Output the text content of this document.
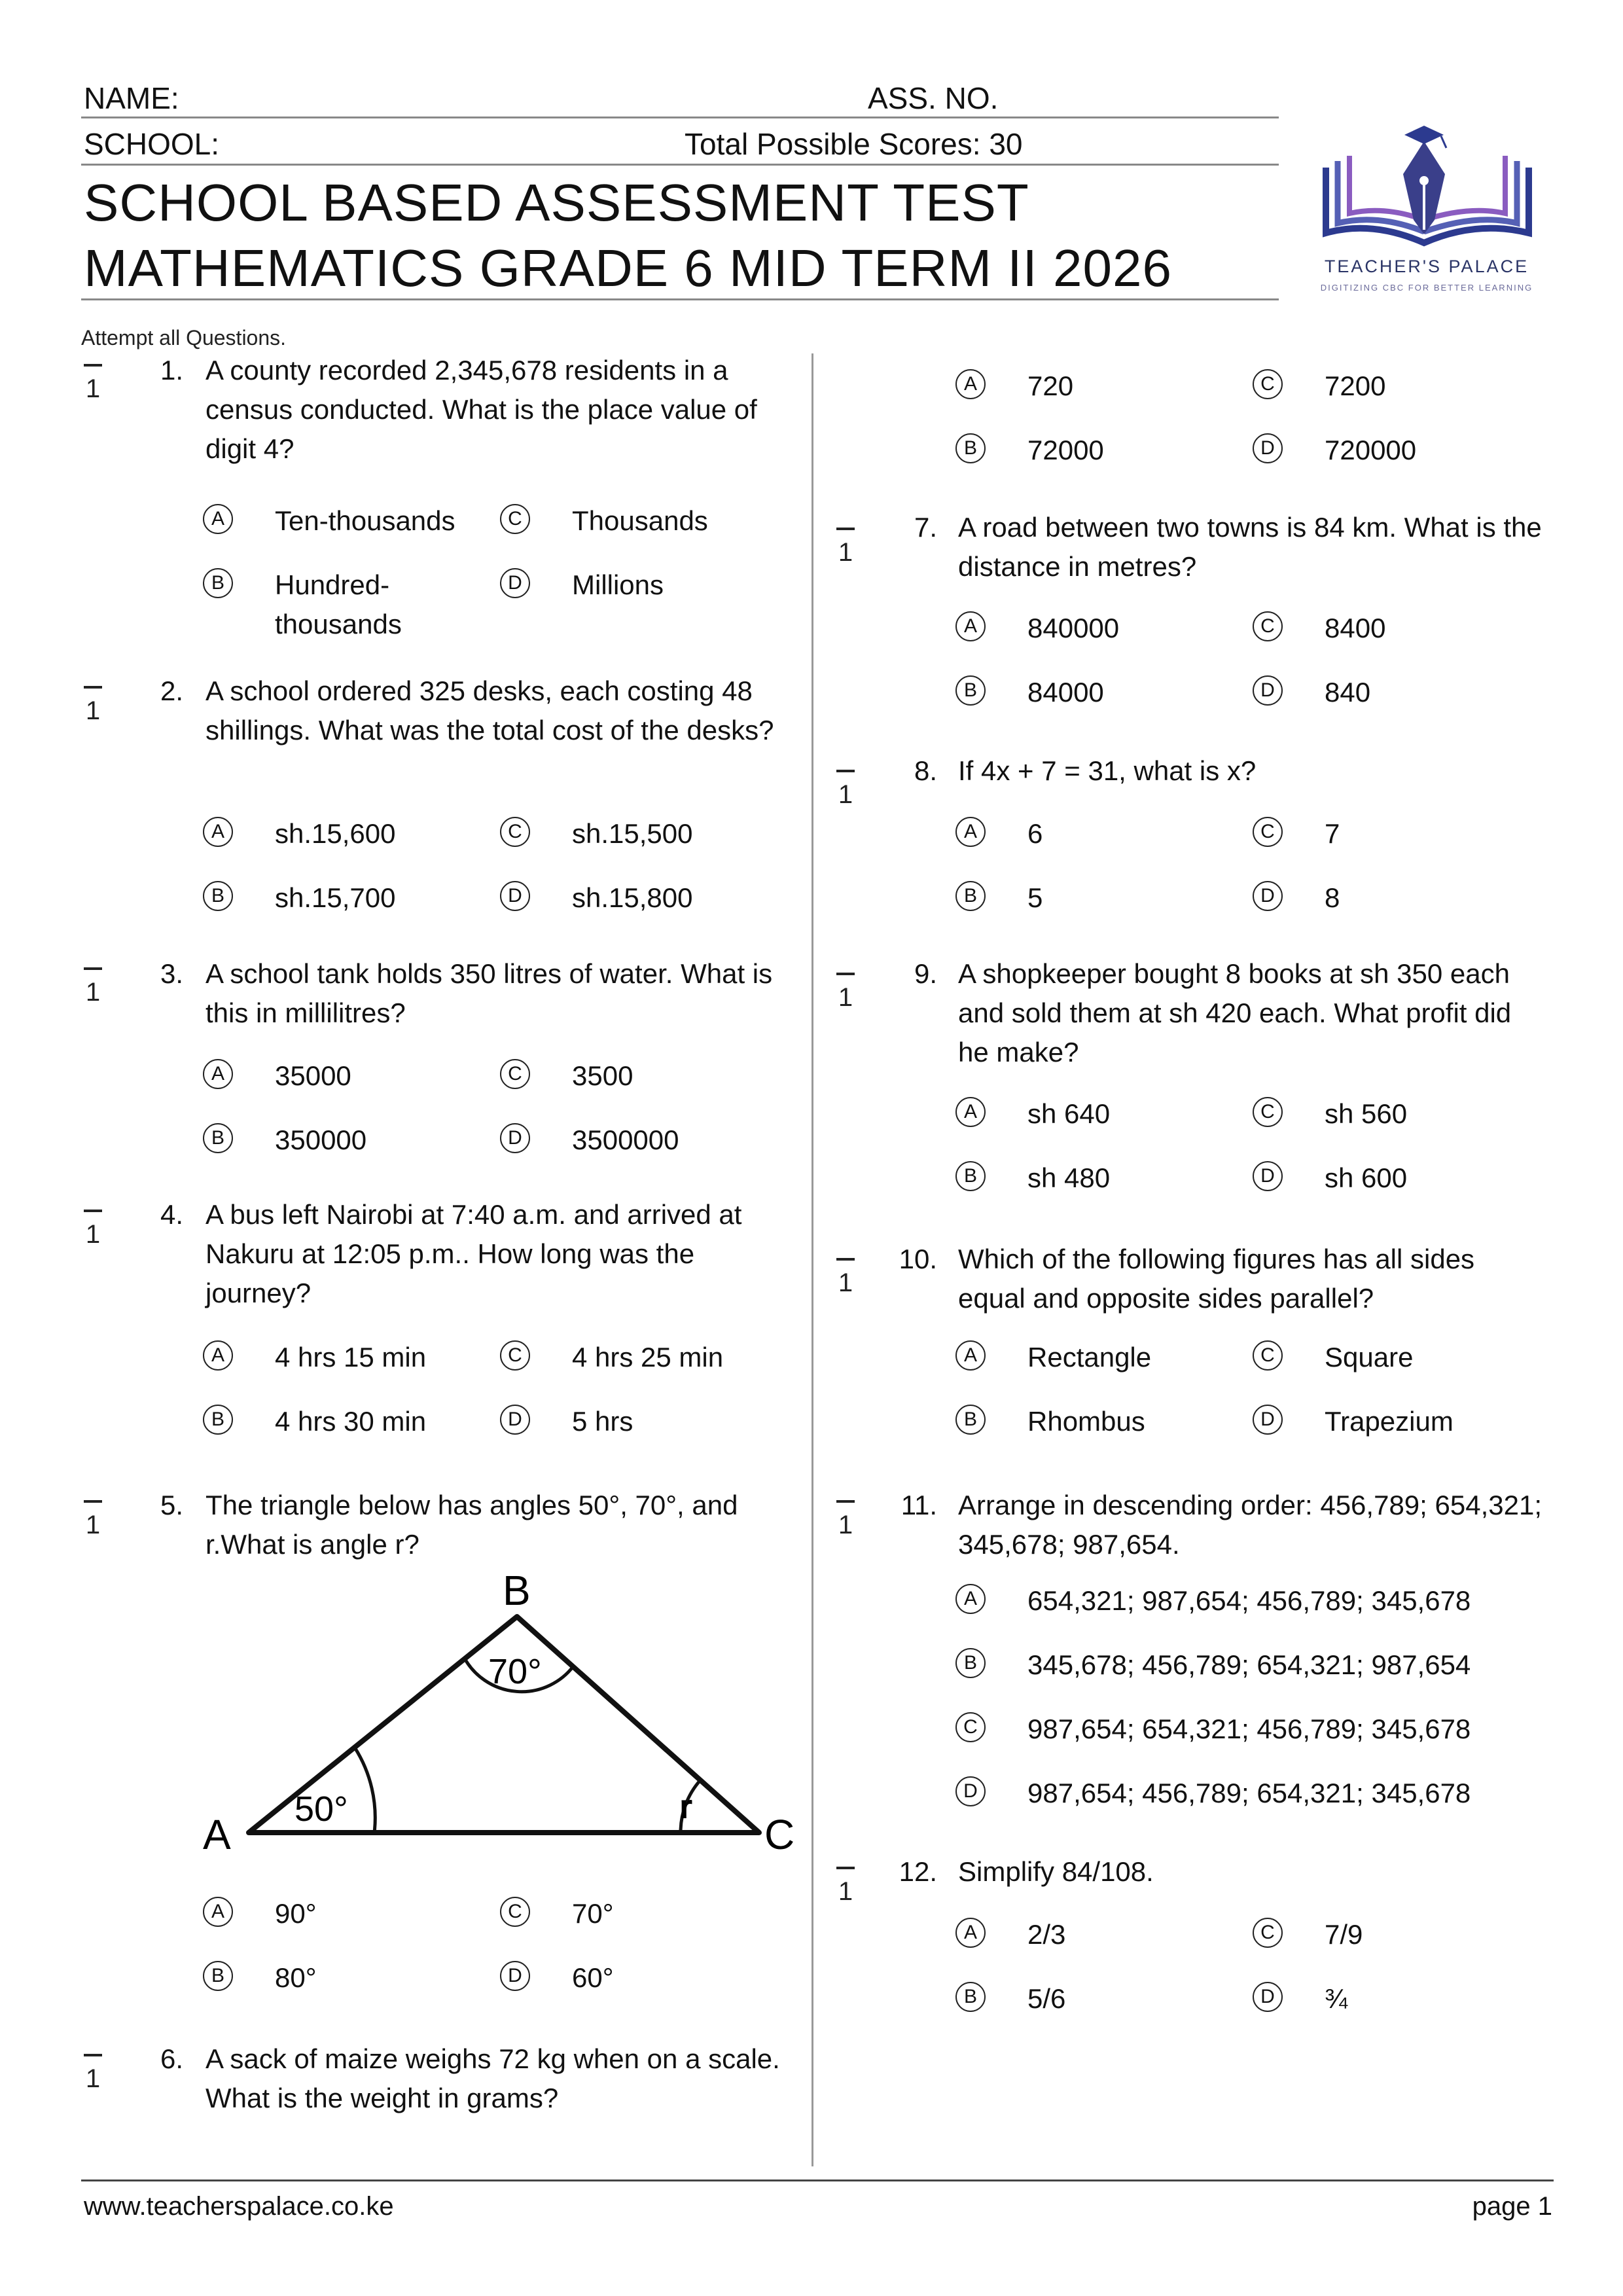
NAME:	ASS. NO.
SCHOOL:	Total Possible Scores: 30
SCHOOL BASED ASSESSMENT TEST
MATHEMATICS GRADE 6 MID TERM II 2026	TEACHER'S PALACE
DIGITIZING CBC FOR BETTER LEARNING
Attempt all Questions.
1
1. A county recorded 2,345,678 residents in a census conducted. What is the place value of digit 4?
A	Ten-thousands
B	Hundred-thousands
C Thousands
D Millions
1
2. A school ordered 325 desks, each costing 48 shillings. What was the total cost of the desks?
A	sh.15,600
B	sh.15,700
C sh.15,500
D sh.15,800
1
3. A school tank holds 350 litres of water. What is this in millilitres?
A	35000
B	350000
C 3500
D 3500000
1
4. A bus left Nairobi at 7:40 a.m. and arrived at Nakuru at 12:05 p.m.. How long was the journey?
A	4 hrs 15 min
B	4 hrs 30 min
C 4 hrs 25 min
D 5 hrs
1
5. The triangle below has angles 50°, 70°, and r.What is angle r?
A	90°
B	80°
C 70°
D 60°
B
A	C
70°
50°	r
1
6. A sack of maize weighs 72 kg when on a scale. What is the weight in grams?
A	720
B	72000
C 7200
D 720000
1
7. A road between two towns is 84 km. What is the distance in metres?
A	840000
B	84000
C 8400
D 840
1
8. If 4x + 7 = 31, what is x?
A	6
B	5
C 7
D 8
1
9. A shopkeeper bought 8 books at sh 350 each and sold them at sh 420 each. What profit did he make?
A	sh 640
B	sh 480
C sh 560
D sh 600
1
10. Which of the following figures has all sides equal and opposite sides parallel?
A	Rectangle
B	Rhombus
C Square
D Trapezium
1
11. Arrange in descending order: 456,789; 654,321; 345,678; 987,654.
A	654,321; 987,654; 456,789; 345,678
B	345,678; 456,789; 654,321; 987,654
C 987,654; 654,321; 456,789; 345,678
D 987,654; 456,789; 654,321; 345,678
1
12. Simplify 84/108.
A	2/3
B	5/6
C 7/9
D ¾
www.teacherspalace.co.ke	page 1
